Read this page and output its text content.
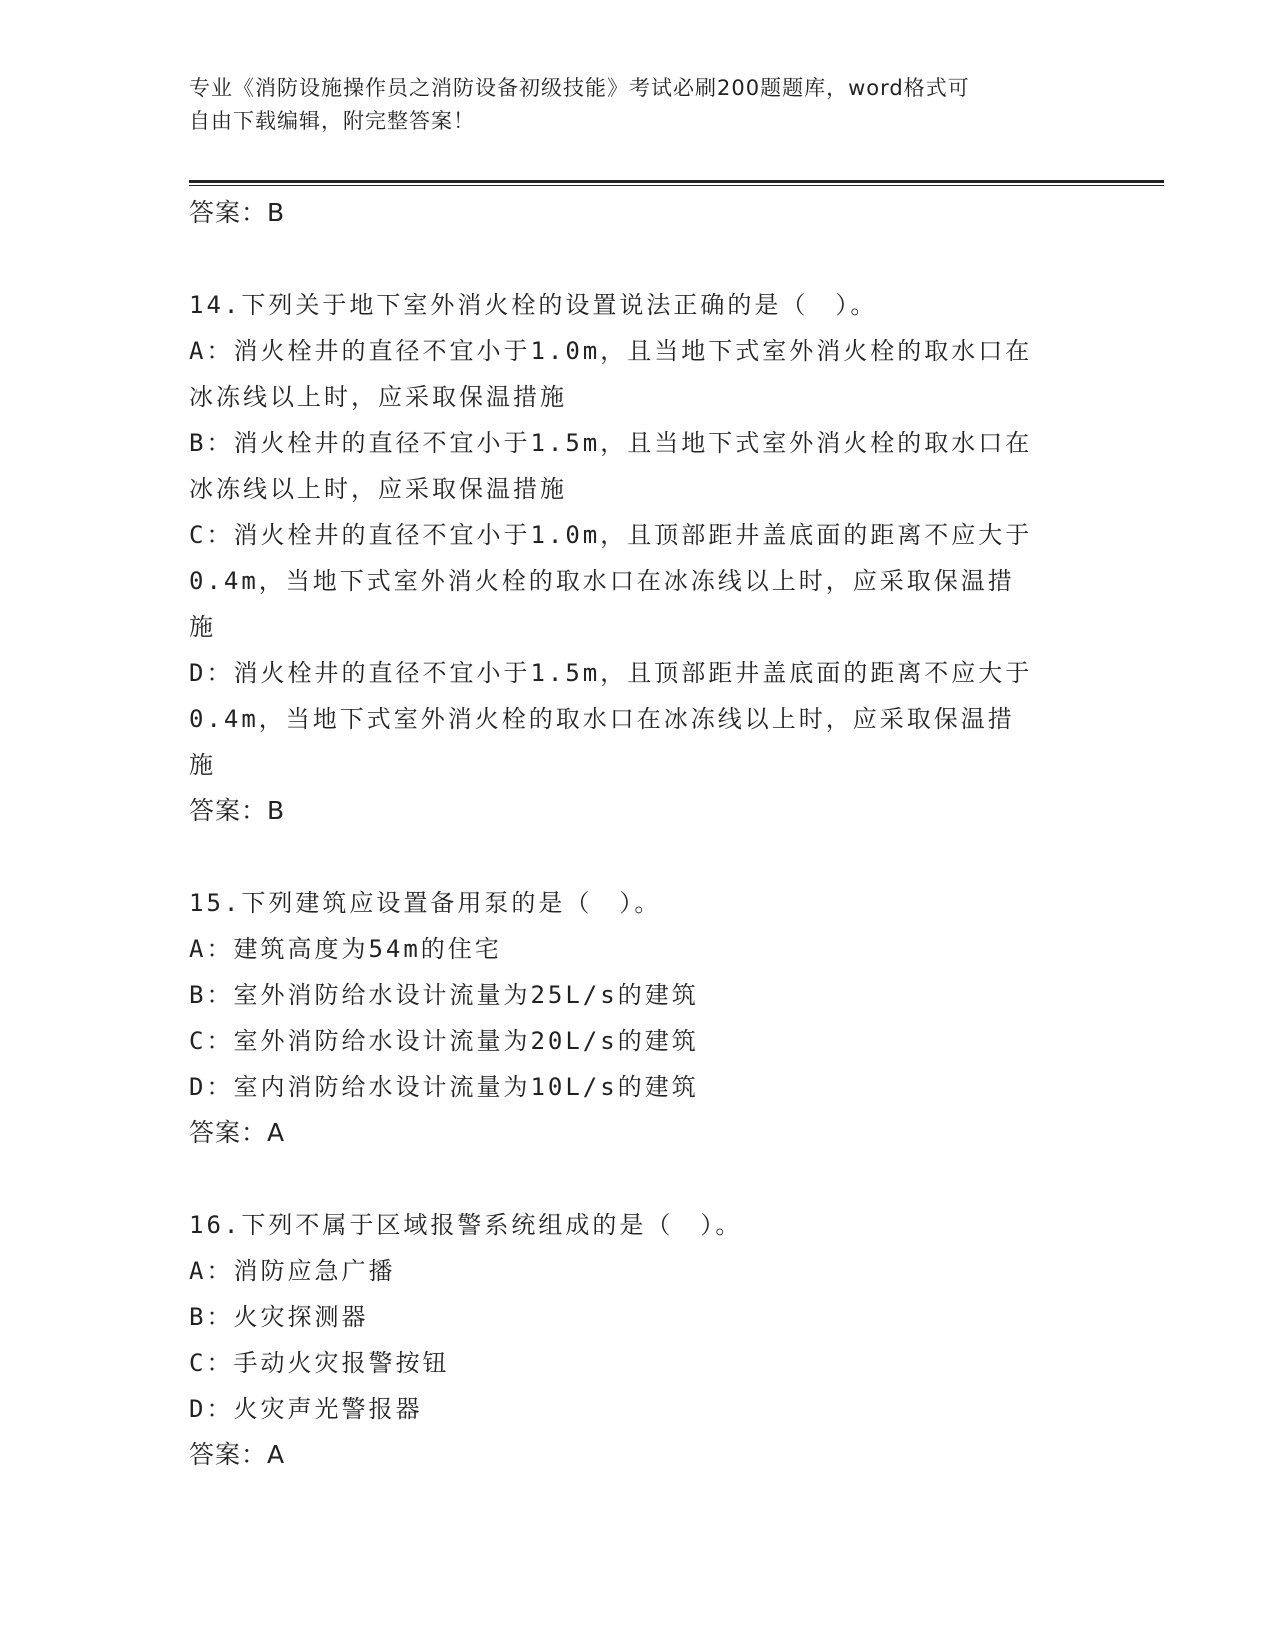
专业《消防设施操作员之消防设备初级技能》考试必刷200题题库，word格式可
自由下载编辑，附完整答案！
答案：B
14.下列关于地下室外消火栓的设置说法正确的是（　）。
A：消火栓井的直径不宜小于1.0m，且当地下式室外消火栓的取水口在
冰冻线以上时，应采取保温措施
B：消火栓井的直径不宜小于1.5m，且当地下式室外消火栓的取水口在
冰冻线以上时，应采取保温措施
C：消火栓井的直径不宜小于1.0m，且顶部距井盖底面的距离不应大于
0.4m，当地下式室外消火栓的取水口在冰冻线以上时，应采取保温措
施
D：消火栓井的直径不宜小于1.5m，且顶部距井盖底面的距离不应大于
0.4m，当地下式室外消火栓的取水口在冰冻线以上时，应采取保温措
施
答案：B
15.下列建筑应设置备用泵的是（　）。
A：建筑高度为54m的住宅
B：室外消防给水设计流量为25L/s的建筑
C：室外消防给水设计流量为20L/s的建筑
D：室内消防给水设计流量为10L/s的建筑
答案：A
16.下列不属于区域报警系统组成的是（　）。
A：消防应急广播
B：火灾探测器
C：手动火灾报警按钮
D：火灾声光警报器
答案：A
